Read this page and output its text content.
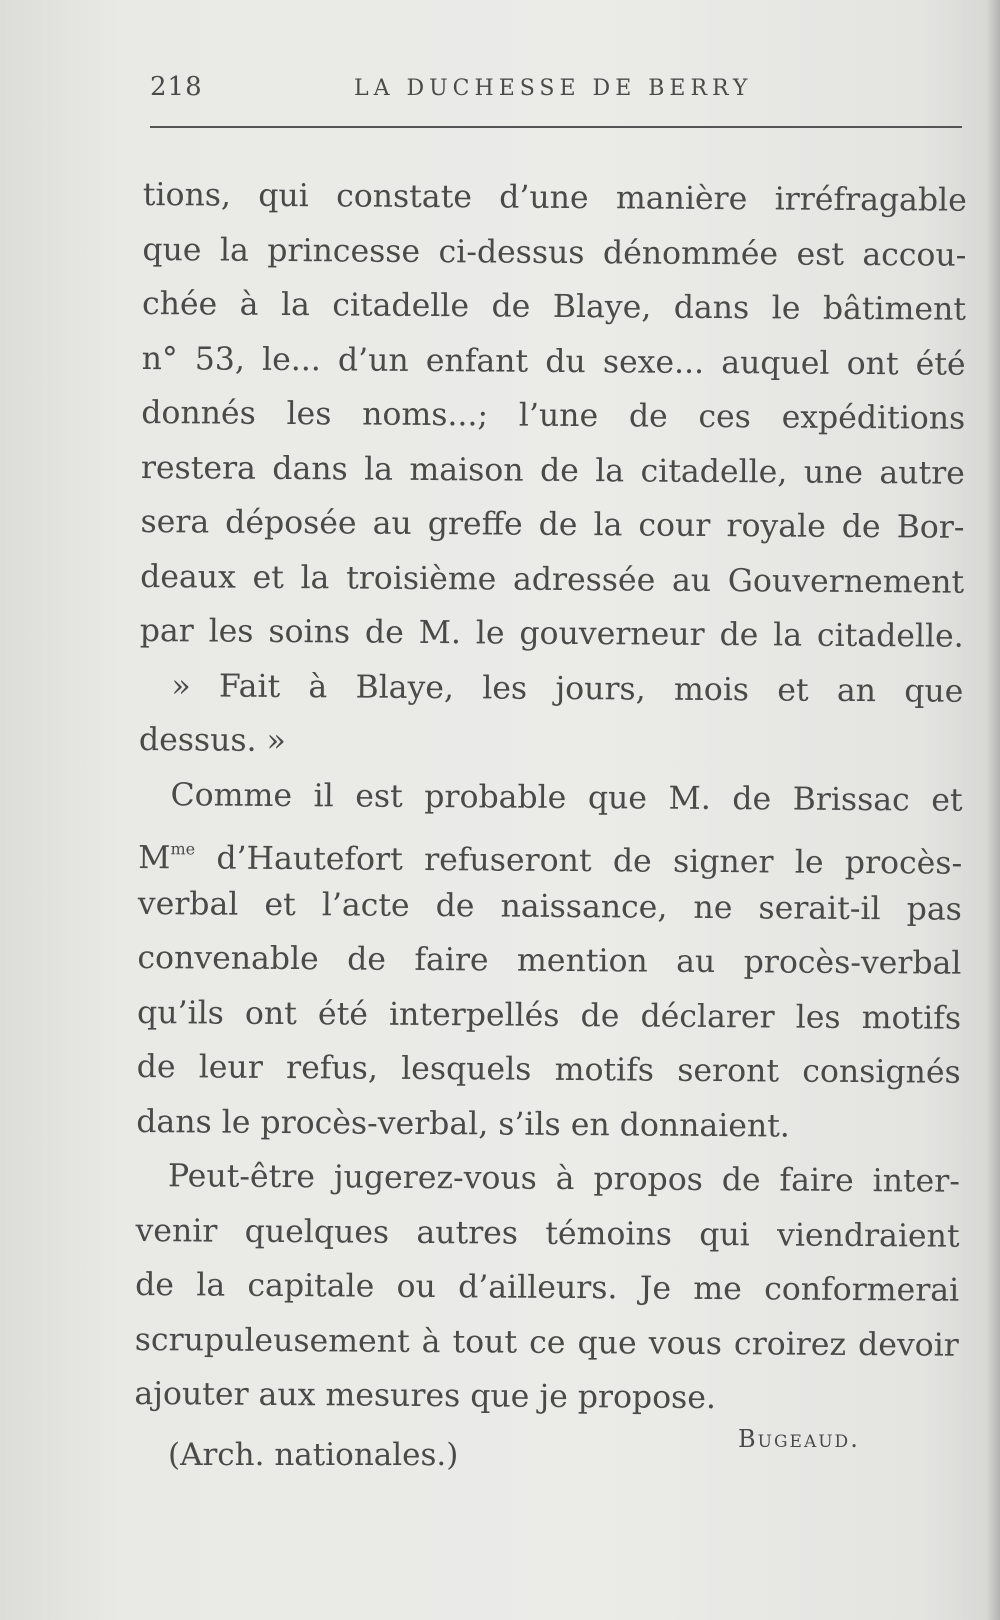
218	LA DUCHESSE DE BERRY
tions, qui constate d’une manière irréfragable
que la princesse ci-dessus dénommée est accou-
chée à la citadelle de Blaye, dans le bâtiment
n° 53, le... d’un enfant du sexe... auquel ont été
donnés les noms...; l’une de ces expéditions
restera dans la maison de la citadelle, une autre
sera déposée au greffe de la cour royale de Bor-
deaux et la troisième adressée au Gouvernement
par les soins de M. le gouverneur de la citadelle.
» Fait à Blaye, les jours, mois et an que
dessus. »
Comme il est probable que M. de Brissac et
$M^{me}$ d’Hautefort refuseront de signer le procès-
verbal et l’acte de naissance, ne serait-il pas
convenable de faire mention au procès-verbal
qu’ils ont été interpellés de déclarer les motifs
de leur refus, lesquels motifs seront consignés
dans le procès-verbal, s’ils en donnaient.
Peut-être jugerez-vous à propos de faire inter-
venir quelques autres témoins qui viendraient
de la capitale ou d’ailleurs. Je me conformerai
scrupuleusement à tout ce que vous croirez devoir
ajouter aux mesures que je propose.
(Arch. nationales.)	Bugeaud.
